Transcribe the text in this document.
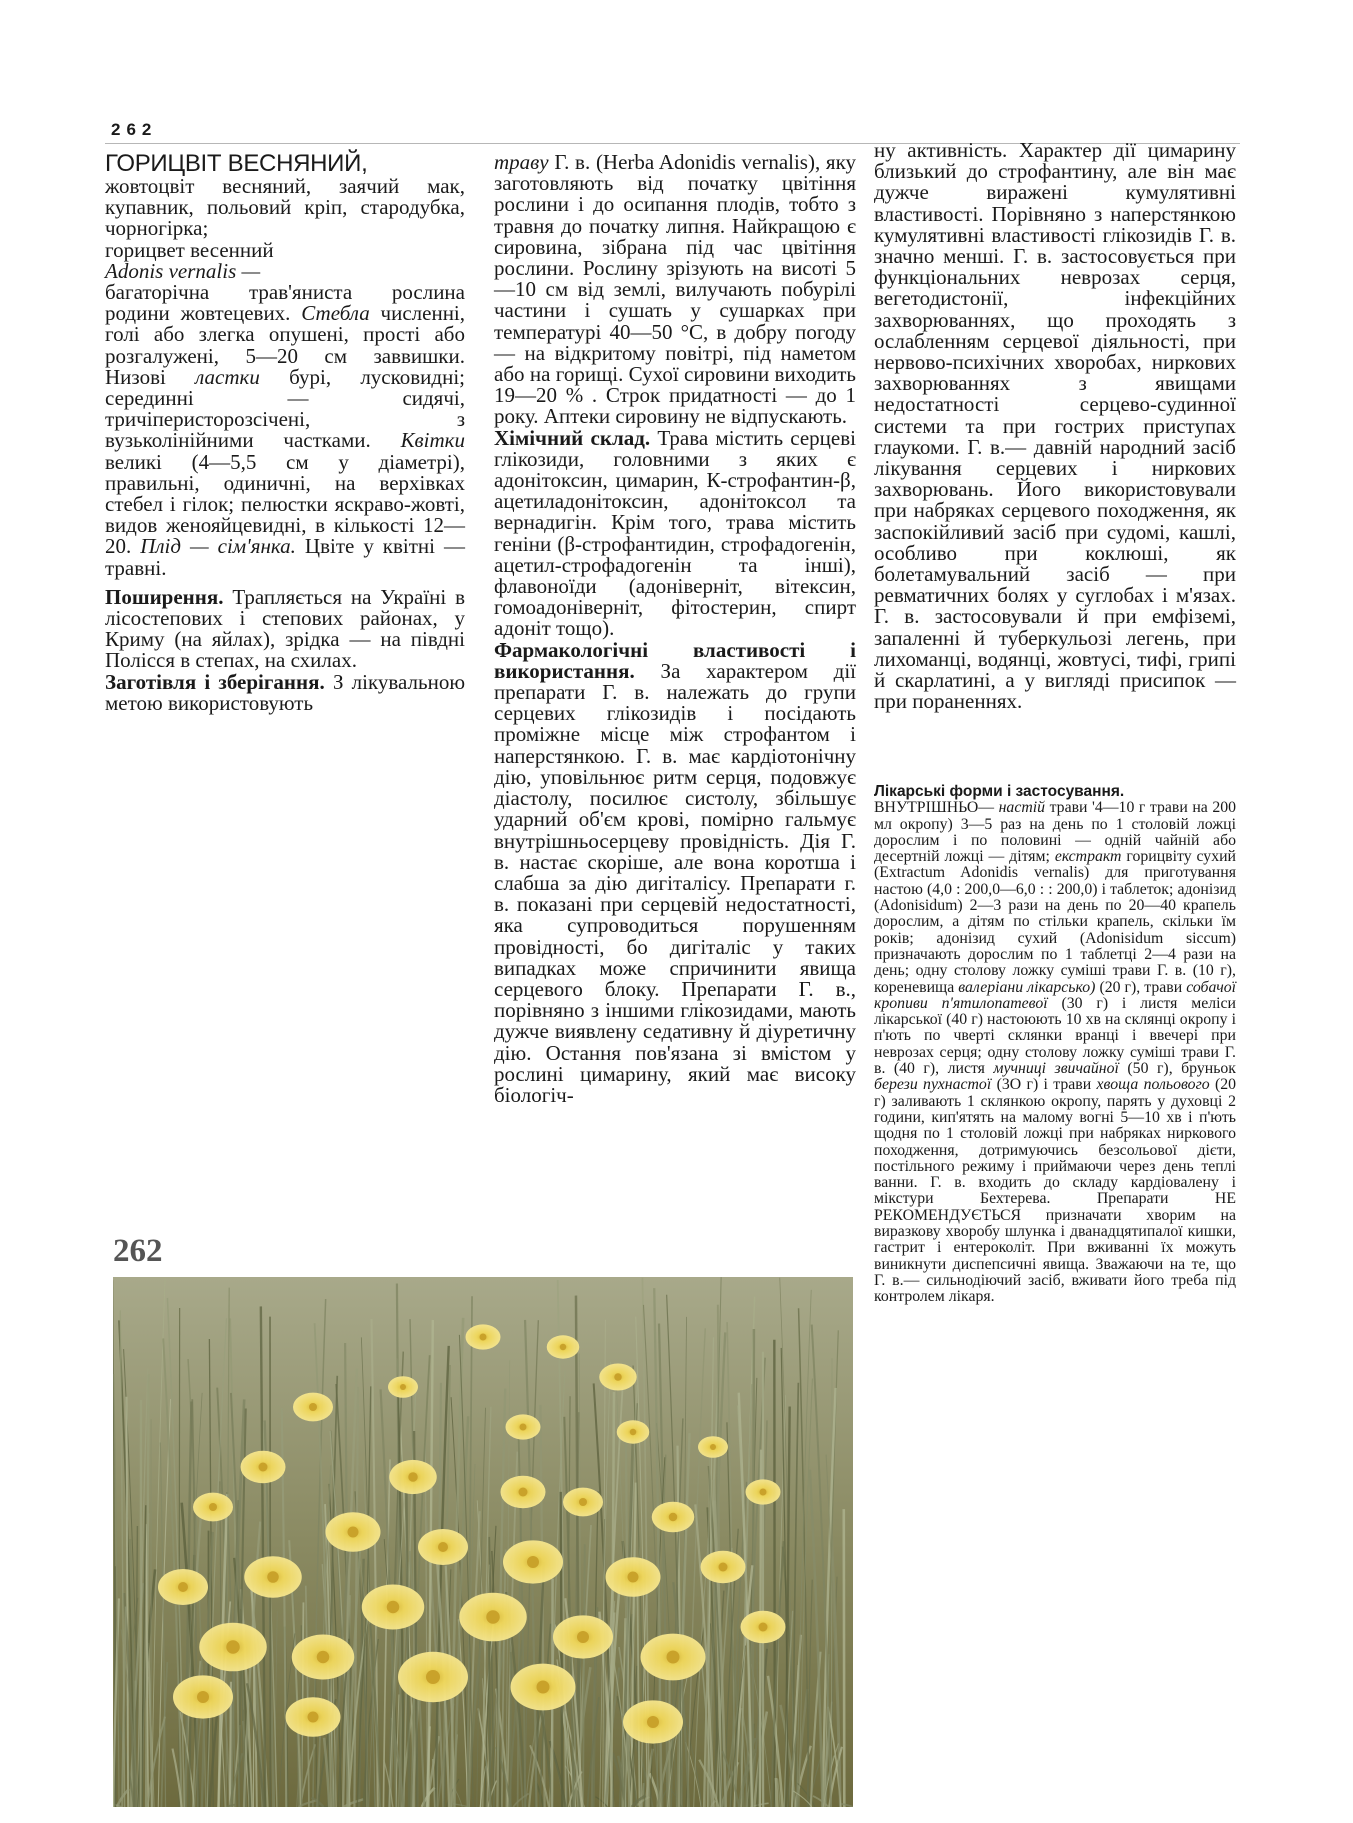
262

ГОРИЦВІТ ВЕСНЯНИЙ,
жовтоцвіт весняний, заячий мак, купавник, польовий кріп, стародубка, чорногірка;
горицвет весенний
Adonis vernalis —
багаторічна трав'яниста рослина родини жовтецевих. Стебла численні, голі або злегка опушені, прості або розгалужені, 5—20 см заввишки. Низові ластки бурі, лусковидні; серединні — сидячі, тричіперисторозсічені, з вузьколінійними частками. Квітки великі (4—5,5 см у діаметрі), правильні, одиничні, на верхівках стебел і гілок; пелюстки яскраво-жовті, видов женояйцевидні, в кількості 12—20. Плід — сім'янка. Цвіте у квітні — травні.

Поширення. Трапляється на Україні в лісостепових і степових районах, у Криму (на яйлах), зрідка — на півдні Полісся в степах, на схилах.

Заготівля і зберігання. З лікувальною метою використовують

траву Г. в. (Herba Adonidis vernalis), яку заготовляють від початку цвітіння рослини і до осипання плодів, тобто з травня до початку липня. Найкращою є сировина, зібрана під час цвітіння рослини. Рослину зрізують на висоті 5—10 см від землі, вилучають побурілі частини і сушать у сушарках при температурі 40—50 °С, в добру погоду — на відкритому повітрі, під наметом або на горищі. Сухої сировини виходить 19—20 % . Строк придатності — до 1 року. Аптеки сировину не відпускають.

Хімічний склад. Трава містить серцеві глікозиди, головними з яких є адонітоксин, цимарин, К-строфантин-β, ацетиладонітоксин, адонітоксол та вернадигін. Крім того, трава містить геніни (β-строфантидин, строфадогенін, ацетил-строфадогенін та інші), флавоноїди (адоніверніт, вітексин, гомоадоніверніт, фітостерин, спирт адоніт тощо).

Фармакологічні властивості і використання. За характером дії препарати Г. в. належать до групи серцевих глікозидів і посідають проміжне місце між строфантом і наперстянкою. Г. в. має кардіотонічну дію, уповільнює ритм серця, подовжує діастолу, посилює систолу, збільшує ударний об'єм крові, помірно гальмує внутрішньосерцеву провідність. Дія Г. в. настає скоріше, але вона коротша і слабша за дію дигіталісу. Препарати г. в. показані при серцевій недостатності, яка супроводиться порушенням провідності, бо дигіталіс у таких випадках може спричинити явища серцевого блоку. Препарати Г. в., порівняно з іншими глікозидами, мають дужче виявлену седативну й діуретичну дію. Остання пов'язана зі вмістом у рослині цимарину, який має високу біологіч-

ну активність. Характер дії цимарину близький до строфантину, але він має дужче виражені кумулятивні властивості. Порівняно з наперстянкою кумулятивні властивості глікозидів Г. в. значно менші. Г. в. застосовується при функціональних неврозах серця, вегетодистонії, інфекційних захворюваннях, що проходять з ослабленням серцевої діяльності, при нервово-психічних хворобах, ниркових захворюваннях з явищами недостатності серцево-судинної системи та при гострих приступах глаукоми. Г. в.— давній народний засіб лікування серцевих і ниркових захворювань. Його використовували при набряках серцевого походження, як заспокійливий засіб при судомі, кашлі, особливо при коклюші, як болетамувальний засіб — при ревматичних болях у суглобах і м'язах. Г. в. застосовували й при емфіземі, запаленні й туберкульозі легень, при лихоманці, водянці, жовтусі, тифі, грипі й скарлатині, а у вигляді присипок — при пораненнях.

Лікарські форми і застосування.

ВНУТРІШНЬО— настій трави '4—10 г трави на 200 мл окропу) 3—5 раз на день по 1 столовій ложці дорослим і по половині — одній чайній або десертній ложці — дітям; екстракт горицвіту сухий (Extractum Adonidis vernalis) для приготування настою (4,0 : 200,0—6,0 : : 200,0) і таблеток; адонізид (Adonisidum) 2—3 рази на день по 20—40 крапель дорослим, а дітям по стільки крапель, скільки їм років; адонізид сухий (Adonisidum siccum) призначають дорослим по 1 таблетці 2—4 рази на день; одну столову ложку суміші трави Г. в. (10 г), кореневища валеріани лікарсько) (20 г), трави собачої кропиви п'ятилопатевої (30 г) і листя меліси лікарської (40 г) настоюють 10 хв на склянці окропу і п'ють по чверті склянки вранці і ввечері при неврозах серця; одну столову ложку суміші трави Г. в. (40 г), листя мучниці звичайної (50 г), бруньок берези пухнастої (3О г) і трави хвоща польового (20 г) заливають 1 склянкою окропу, парять у духовці 2 години, кип'ятять на малому вогні 5—10 хв і п'ють щодня по 1 столовій ложці при набряках ниркового походження, дотримуючись безсольової дієти, постільного режиму і приймаючи через день теплі ванни. Г. в. входить до складу кардіовалену і мікстури Бехтерева. Препарати НЕ РЕКОМЕНДУЄТЬСЯ призначати хворим на виразкову хворобу шлунка і дванадцятипалої кишки, гастрит і ентероколіт. При вживанні їх можуть виникнути диспепсичні явища. Зважаючи на те, що Г. в.— сильнодіючий засіб, вживати його треба під контролем лікаря.

262
